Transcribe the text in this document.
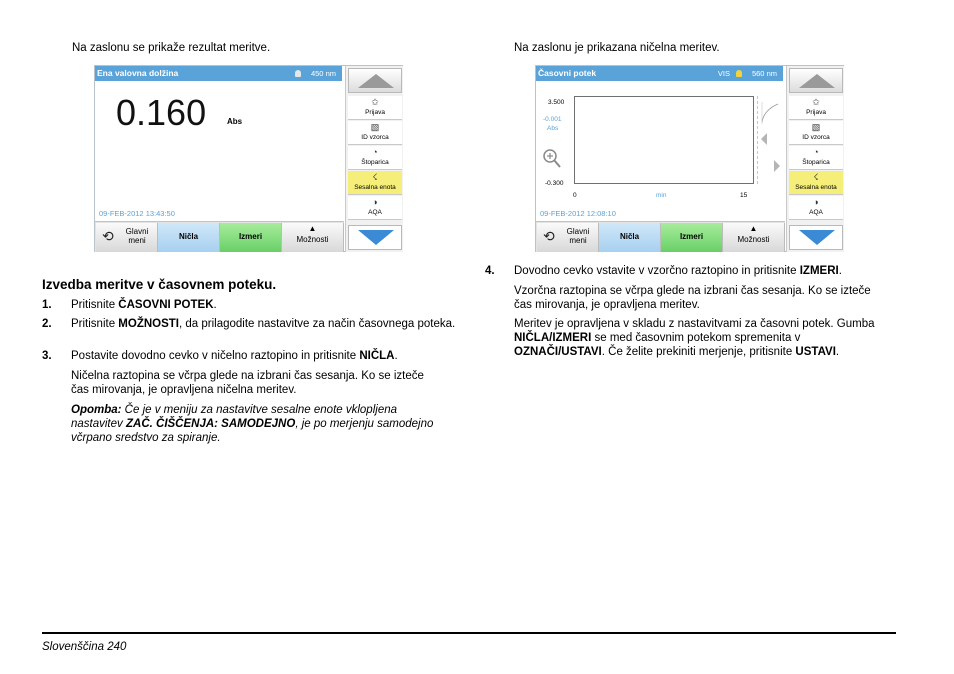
Na zaslonu se prikaže rezultat meritve.
Ena valovna dolžina	450 nm
0.160	Abs
09-FEB-2012 13:43:50
✩
Prijava
▧
ID vzorca
◔
Štoparica
☇
Sesalna enota
◑
AQA
⟲	Glavni
meni	Ničla	Izmeri
▲
Možnosti
Izvedba meritve v časovnem poteku.
1. Pritisnite ČASOVNI POTEK.
2. Pritisnite MOŽNOSTI, da prilagodite nastavitve za način časovnega poteka.
3. Postavite dovodno cevko v ničelno raztopino in pritisnite NIČLA.
Ničelna raztopina se včrpa glede na izbrani čas sesanja. Ko se izteče čas mirovanja, je opravljena ničelna meritev.
Opomba: Če je v meniju za nastavitve sesalne enote vklopljena nastavitev ZAČ. ČIŠČENJA: SAMODEJNO, je po merjenju samodejno včrpano sredstvo za spiranje.
Na zaslonu je prikazana ničelna meritev.
Časovni potek	VIS	560 nm
3.500
-0.001
Abs
-0.300
0	min	15
09-FEB-2012 12:08:10
✩
Prijava
▧
ID vzorca
◔
Štoparica
☇
Sesalna enota
◑
AQA
⟲	Glavni
meni	Ničla	Izmeri
▲
Možnosti
4. Dovodno cevko vstavite v vzorčno raztopino in pritisnite IZMERI.
Vzorčna raztopina se včrpa glede na izbrani čas sesanja. Ko se izteče čas mirovanja, je opravljena meritev.
Meritev je opravljena v skladu z nastavitvami za časovni potek. Gumba NIČLA/IZMERI se med časovnim potekom spremenita v OZNAČI/USTAVI. Če želite prekiniti merjenje, pritisnite USTAVI.
Slovenščina 240
